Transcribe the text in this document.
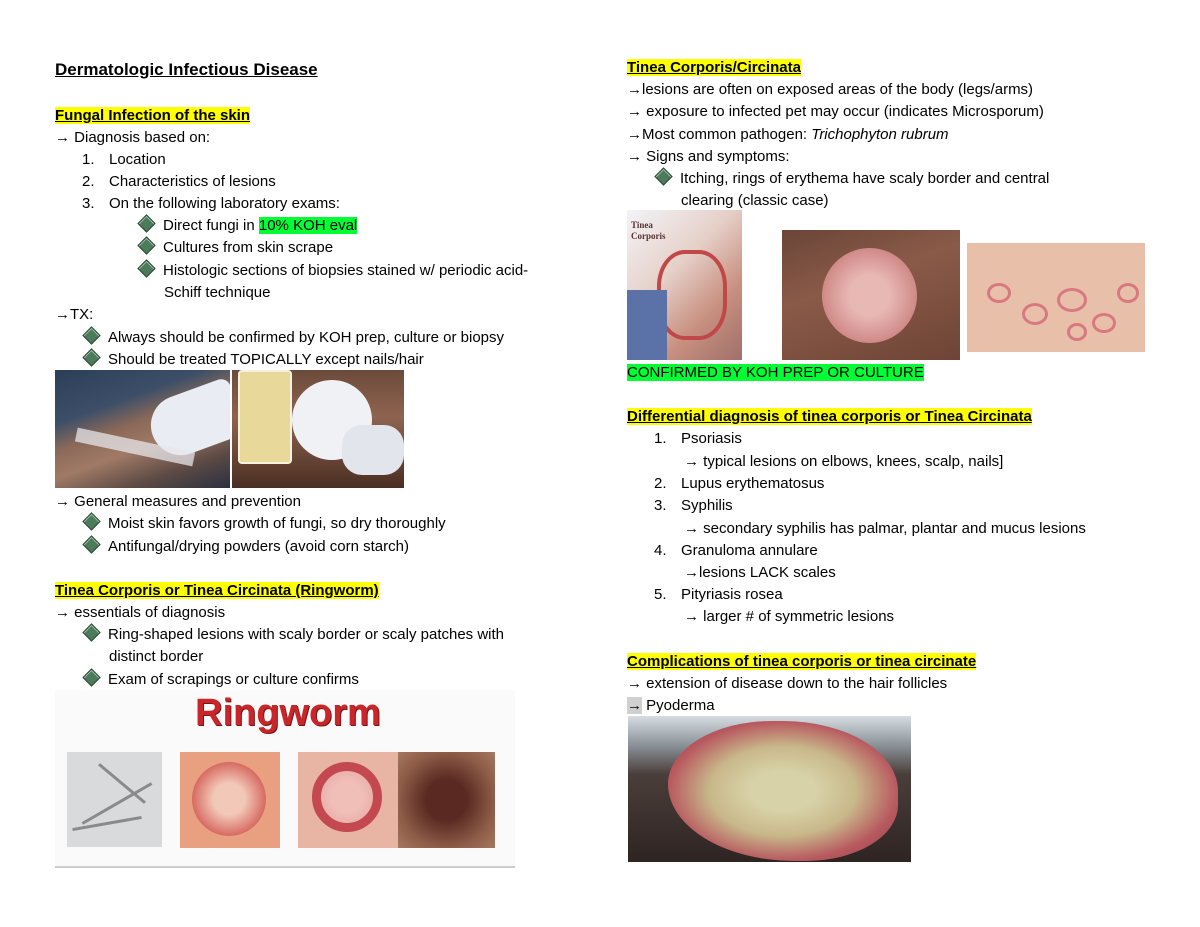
Dermatologic Infectious Disease
Fungal Infection of the skin
→ Diagnosis based on:
1. Location
2. Characteristics of lesions
3. On the following laboratory exams:
Direct fungi in 10% KOH eval
Cultures from skin scrape
Histologic sections of biopsies stained w/ periodic acid-
Schiff technique
→TX:
Always should be confirmed by KOH prep, culture or biopsy
Should be treated TOPICALLY except nails/hair
→ General measures and prevention
Moist skin favors growth of fungi, so dry thoroughly
Antifungal/drying powders (avoid corn starch)
Tinea Corporis or Tinea Circinata (Ringworm)
→ essentials of diagnosis
Ring-shaped lesions with scaly border or scaly patches with
distinct border
Exam of scrapings or culture confirms
Ringworm
Tinea Corporis/Circinata
→lesions are often on exposed areas of the body (legs/arms)
→ exposure to infected pet may occur (indicates Microsporum)
→Most common pathogen: Trichophyton rubrum
→ Signs and symptoms:
Itching, rings of erythema have scaly border and central
clearing (classic case)
Tinea
Corporis
CONFIRMED BY KOH PREP OR CULTURE
Differential diagnosis of tinea corporis or Tinea Circinata
1. Psoriasis
→ typical lesions on elbows, knees, scalp, nails]
2. Lupus erythematosus
3. Syphilis
→ secondary syphilis has palmar, plantar and mucus lesions
4. Granuloma annulare
→lesions LACK scales
5. Pityriasis rosea
→ larger # of symmetric lesions
Complications of tinea corporis or tinea circinate
→ extension of disease down to the hair follicles
→ Pyoderma
